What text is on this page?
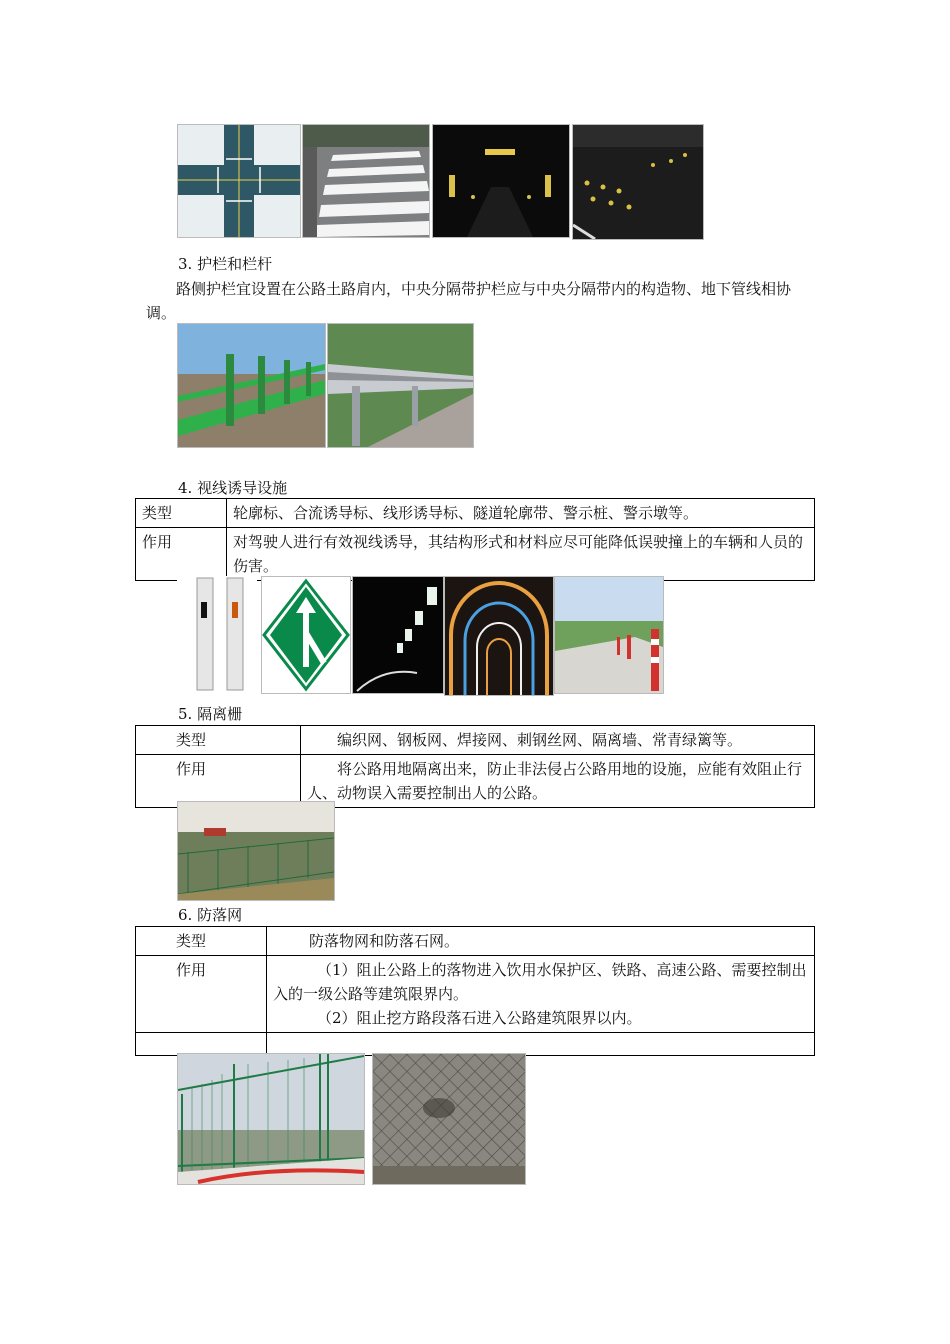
3. 护栏和栏杆
路侧护栏宜设置在公路土路肩内，中央分隔带护栏应与中央分隔带内的构造物、地下管线相协调。
4. 视线诱导设施
类型	轮廓标、合流诱导标、线形诱导标、隧道轮廓带、警示桩、警示墩等。
作用	对驾驶人进行有效视线诱导，其结构形式和材料应尽可能降低误驶撞上的车辆和人员的伤害。
5. 隔离栅
类型	编织网、钢板网、焊接网、刺钢丝网、隔离墙、常青绿篱等。
作用	将公路用地隔离出来，防止非法侵占公路用地的设施，应能有效阻止行人、动物误入需要控制出人的公路。
6. 防落网
类型	防落物网和防落石网。
作用	（1）阻止公路上的落物进入饮用水保护区、铁路、高速公路、需要控制出入的一级公路等建筑限界内。
（2）阻止挖方路段落石进入公路建筑限界以内。
